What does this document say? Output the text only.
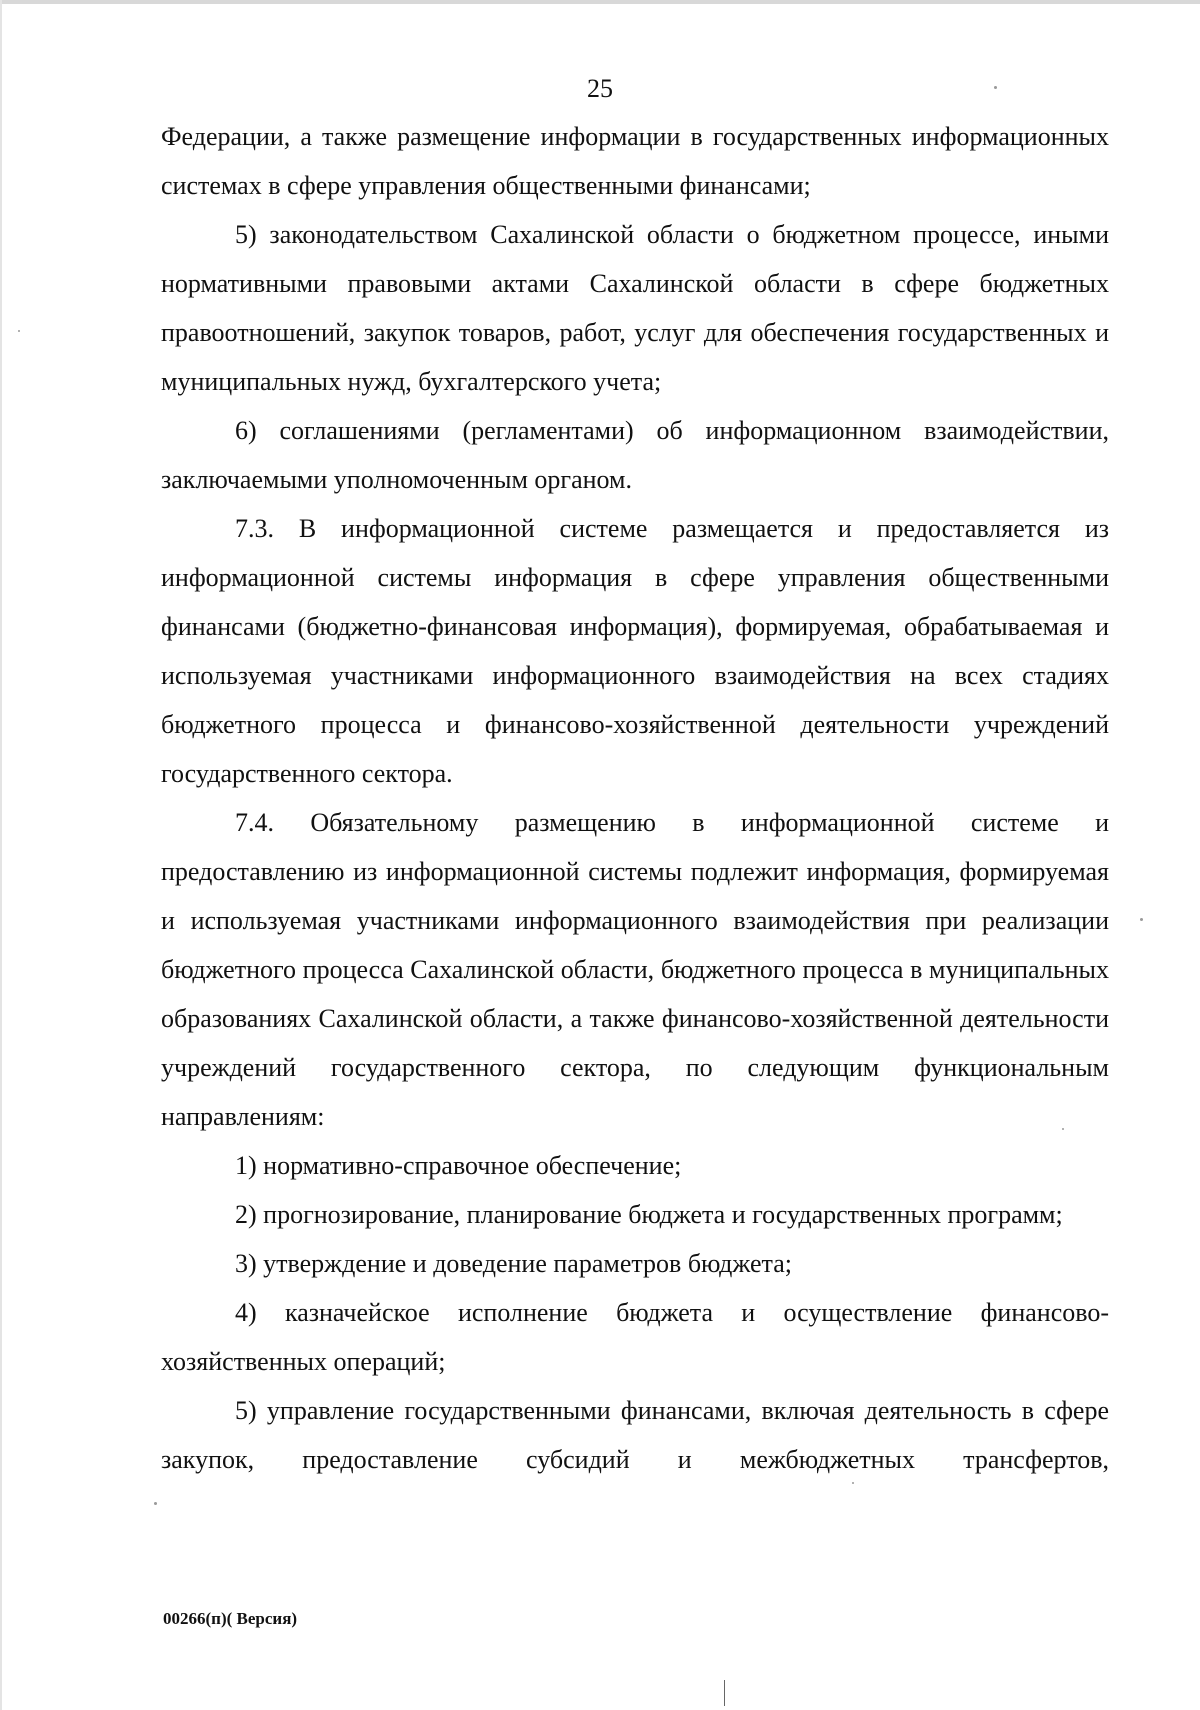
25

Федерации, а также размещение информации в государственных информационных системах в сфере управления общественными финансами;

5) законодательством Сахалинской области о бюджетном процессе, иными нормативными правовыми актами Сахалинской области в сфере бюджетных правоотношений, закупок товаров, работ, услуг для обеспечения государственных и муниципальных нужд, бухгалтерского учета;

6) соглашениями (регламентами) об информационном взаимодействии, заключаемыми уполномоченным органом.

7.3. В информационной системе размещается и предоставляется из информационной системы информация в сфере управления общественными финансами (бюджетно-финансовая информация), формируемая, обрабатываемая и используемая участниками информационного взаимодействия на всех стадиях бюджетного процесса и финансово-хозяйственной деятельности учреждений государственного сектора.

7.4. Обязательному размещению в информационной системе и предоставлению из информационной системы подлежит информация, формируемая и используемая участниками информационного взаимодействия при реализации бюджетного процесса Сахалинской области, бюджетного процесса в муниципальных образованиях Сахалинской области, а также финансово-хозяйственной деятельности учреждений государственного сектора, по следующим функциональным направлениям:

1) нормативно-справочное обеспечение;

2) прогнозирование, планирование бюджета и государственных программ;

3) утверждение и доведение параметров бюджета;

4) казначейское исполнение бюджета и осуществление финансово-хозяйственных операций;

5) управление государственными финансами, включая деятельность в сфере закупок, предоставление субсидий и межбюджетных трансфертов,

00266(п)( Версия)
